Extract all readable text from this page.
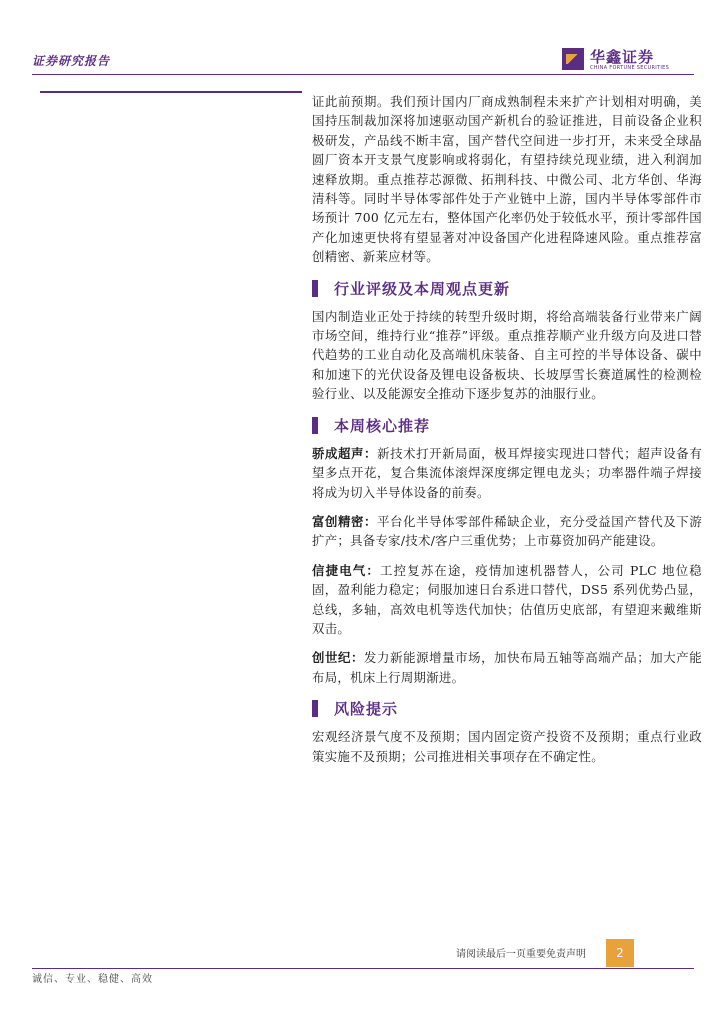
证券研究报告	华鑫证券
CHINA FORTUNE SECURITIES

证此前预期。我们预计国内厂商成熟制程未来扩产计划相对明确，美国持压制裁加深将加速驱动国产新机台的验证推进，目前设备企业积极研发，产品线不断丰富，国产替代空间进一步打开，未来受全球晶圆厂资本开支景气度影响或将弱化，有望持续兑现业绩，进入利润加速释放期。重点推荐芯源微、拓荆科技、中微公司、北方华创、华海清科等。同时半导体零部件处于产业链中上游，国内半导体零部件市场预计 700 亿元左右，整体国产化率仍处于较低水平，预计零部件国产化加速更快将有望显著对冲设备国产化进程降速风险。重点推荐富创精密、新莱应材等。

行业评级及本周观点更新

国内制造业正处于持续的转型升级时期，将给高端装备行业带来广阔市场空间，维持行业“推荐”评级。重点推荐顺产业升级方向及进口替代趋势的工业自动化及高端机床装备、自主可控的半导体设备、碳中和加速下的光伏设备及锂电设备板块、长坡厚雪长赛道属性的检测检验行业、以及能源安全推动下逐步复苏的油服行业。

本周核心推荐

骄成超声：新技术打开新局面，极耳焊接实现进口替代；超声设备有望多点开花，复合集流体滚焊深度绑定锂电龙头；功率器件端子焊接将成为切入半导体设备的前奏。

富创精密：平台化半导体零部件稀缺企业，充分受益国产替代及下游扩产；具备专家/技术/客户三重优势；上市募资加码产能建设。

信捷电气：工控复苏在途，疫情加速机器替人，公司 PLC 地位稳固，盈利能力稳定；伺服加速日台系进口替代，DS5 系列优势凸显，总线，多轴，高效电机等迭代加快；估值历史底部，有望迎来戴维斯双击。

创世纪：发力新能源增量市场，加快布局五轴等高端产品；加大产能布局，机床上行周期渐进。

风险提示

宏观经济景气度不及预期；国内固定资产投资不及预期；重点行业政策实施不及预期；公司推进相关事项存在不确定性。

请阅读最后一页重要免责声明	2
诚信、专业、稳健、高效
